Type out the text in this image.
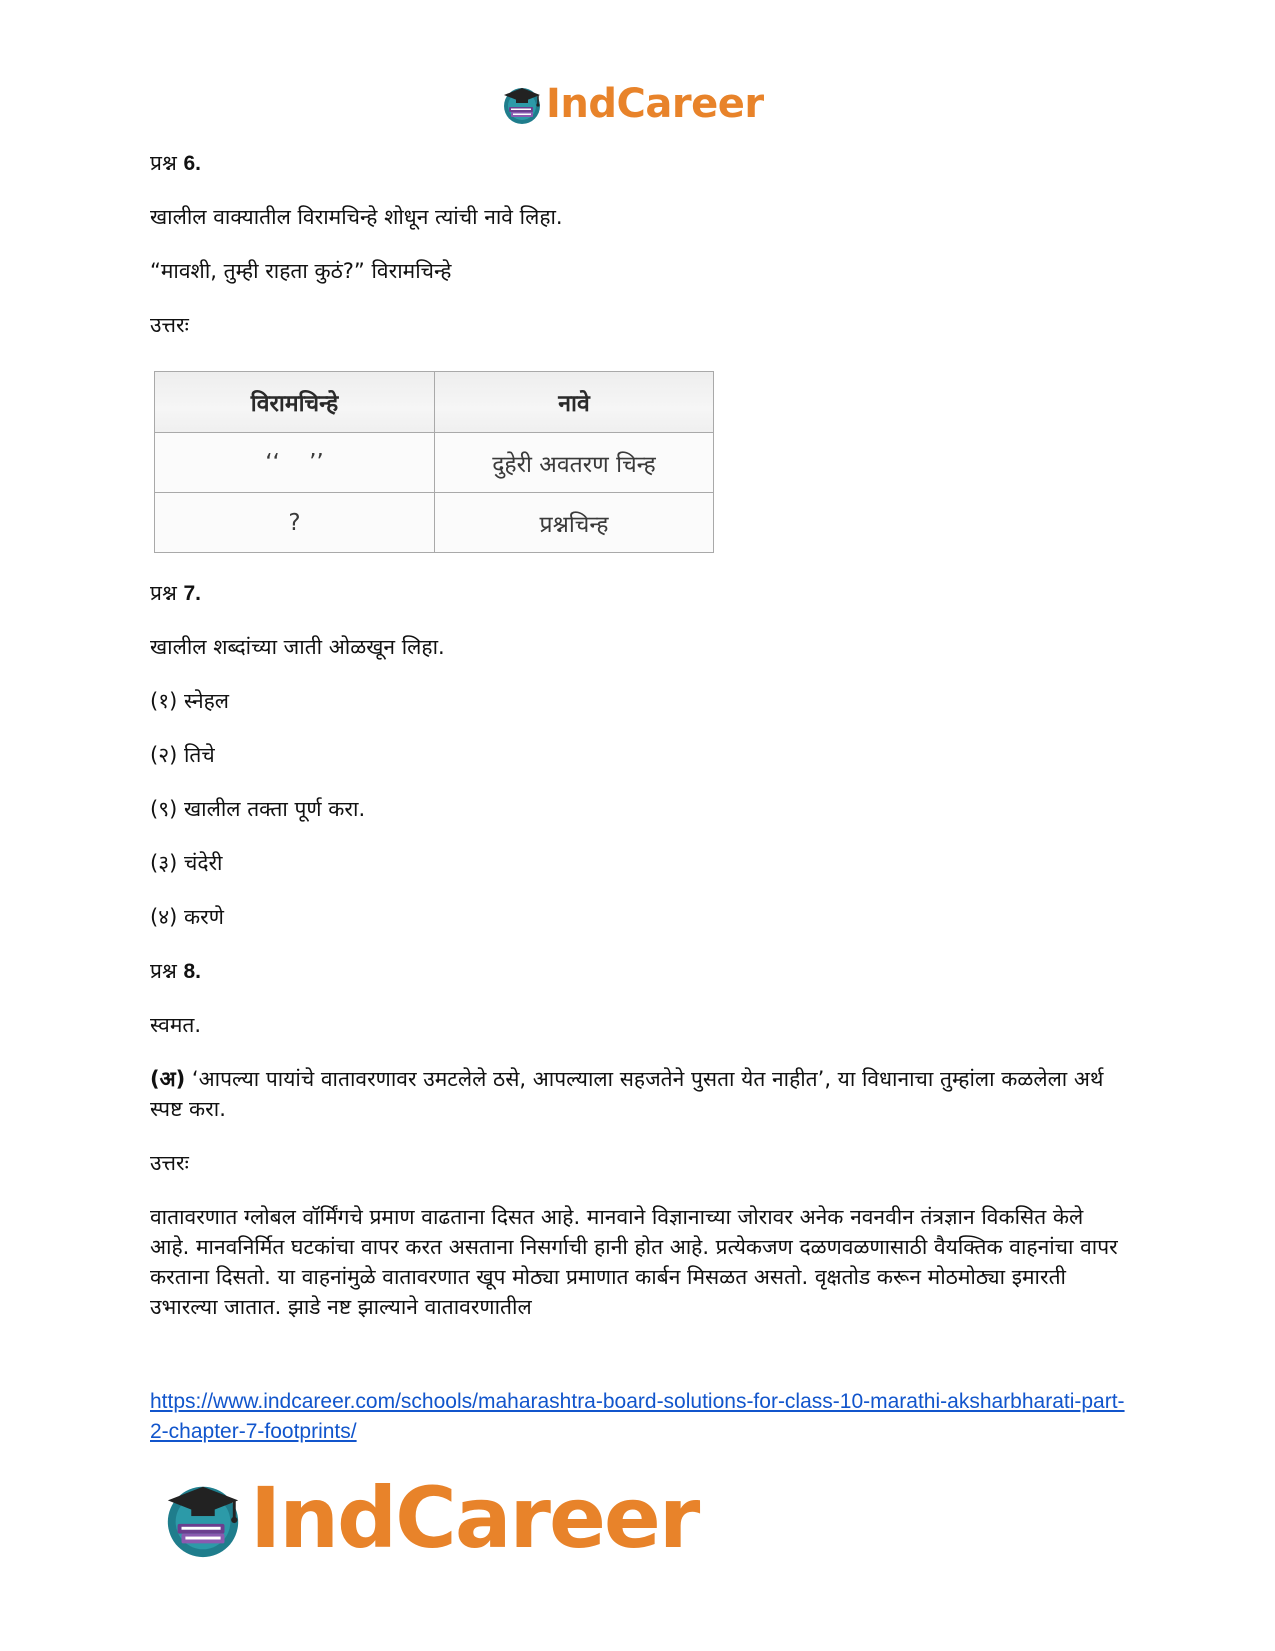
IndCareer
प्रश्न 6.
खालील वाक्यातील विरामचिन्हे शोधून त्यांची नावे लिहा.
“मावशी, तुम्ही राहता कुठं?” विरामचिन्हे
उत्तरः
विरामचिन्हे	नावे
‘‘    ’’	दुहेरी अवतरण चिन्ह
?	प्रश्नचिन्ह
प्रश्न 7.
खालील शब्दांच्या जाती ओळखून लिहा.
(१) स्नेहल
(२) तिचे
(९) खालील तक्ता पूर्ण करा.
(३) चंदेरी
(४) करणे
प्रश्न 8.
स्वमत.
(अ) ‘आपल्या पायांचे वातावरणावर उमटलेले ठसे, आपल्याला सहजतेने पुसता येत नाहीत’, या विधानाचा तुम्हांला कळलेला अर्थ स्पष्ट करा.
उत्तरः
वातावरणात ग्लोबल वॉर्मिंगचे प्रमाण वाढताना दिसत आहे. मानवाने विज्ञानाच्या जोरावर अनेक नवनवीन तंत्रज्ञान विकसित केले आहे. मानवनिर्मित घटकांचा वापर करत असताना निसर्गाची हानी होत आहे. प्रत्येकजण दळणवळणासाठी वैयक्तिक वाहनांचा वापर करताना दिसतो. या वाहनांमुळे वातावरणात खूप मोठ्या प्रमाणात कार्बन मिसळत असतो. वृक्षतोड करून मोठमोठ्या इमारती उभारल्या जातात. झाडे नष्ट झाल्याने वातावरणातील
https://www.indcareer.com/schools/maharashtra-board-solutions-for-class-10-marathi-aksharbharati-part-2-chapter-7-footprints/
IndCareer
